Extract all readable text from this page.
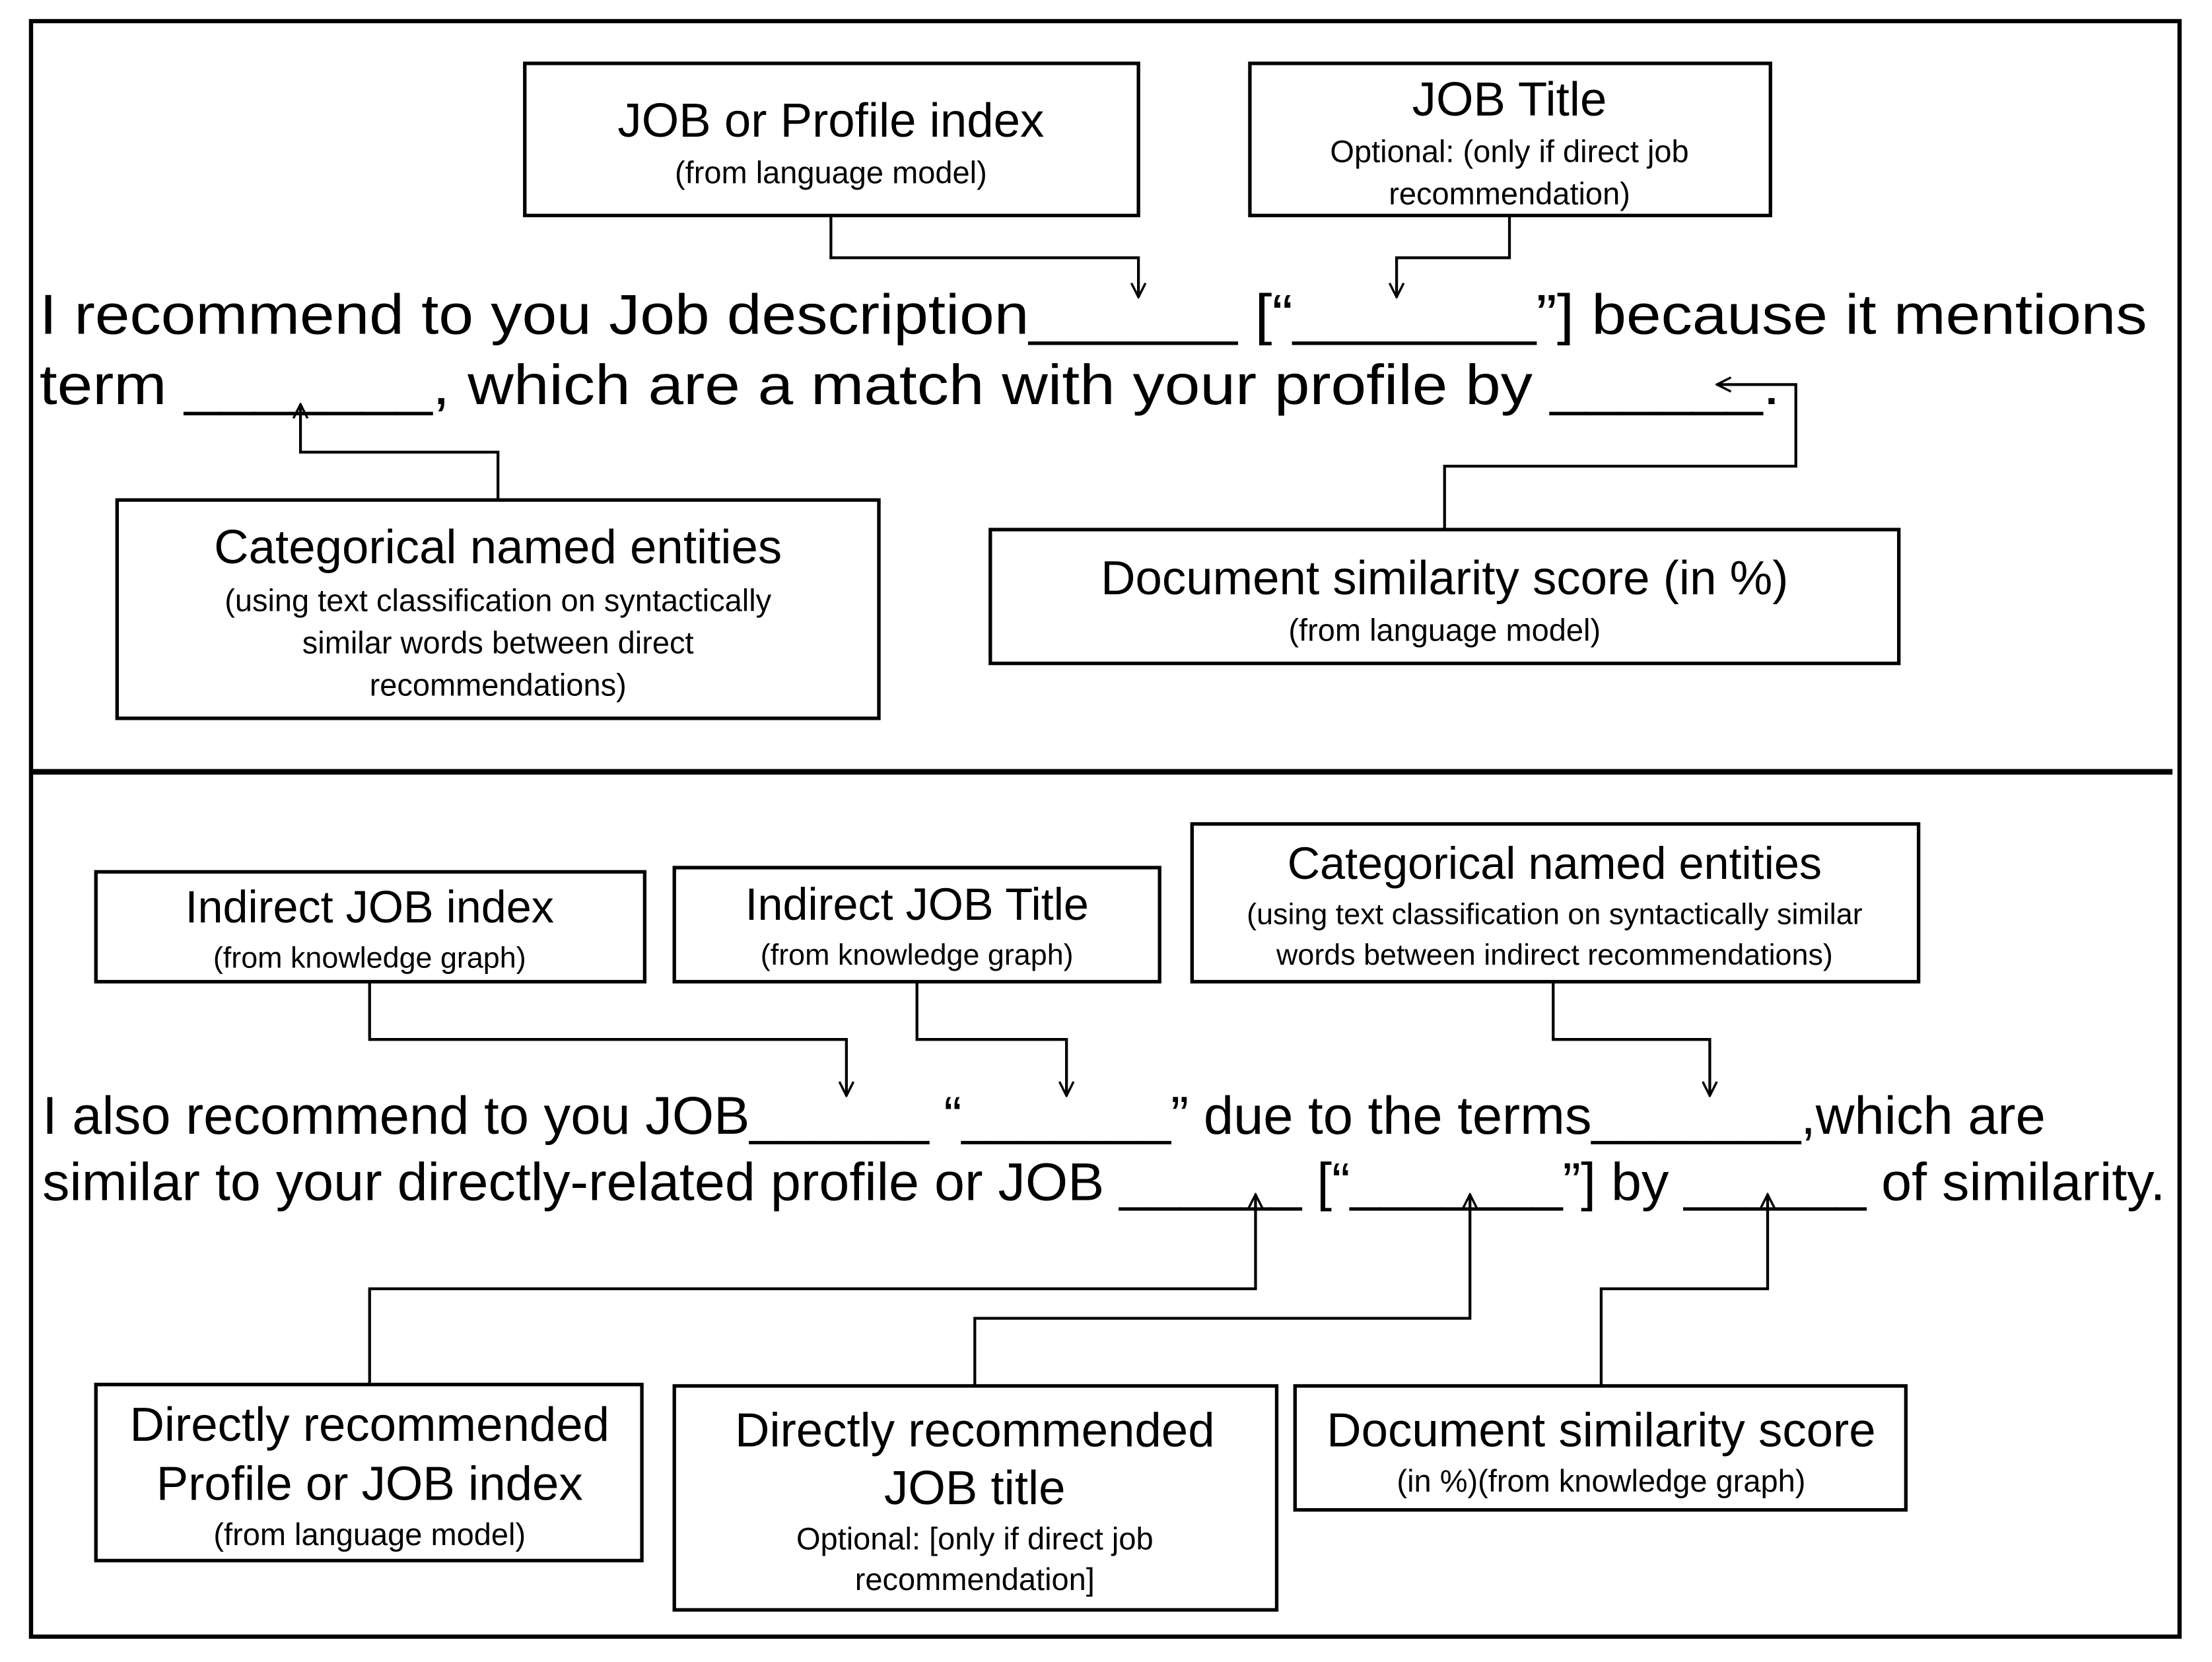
JOB or Profile index
(from language model)
JOB Title
Optional: (only if direct job
recommendation)
I recommend to you Job description______ [“_______”] because it mentions
term _______, which are a match with your profile by ______.
Categorical named entities
(using text classification on syntactically
similar words between direct
recommendations)
Document similarity score (in %)
(from language model)
Indirect JOB index
(from knowledge graph)
Indirect JOB Title
(from knowledge graph)
Categorical named entities
(using text classification on syntactically similar
words between indirect recommendations)
I also recommend to you JOB______ “_______” due to the terms_______,which are
similar to your directly-related profile or JOB ______ [“_______”] by ______ of similarity.
Directly recommended
Profile or JOB index
(from language model)
Directly recommended
JOB title
Optional: [only if direct job
recommendation]
Document similarity score
(in %)(from knowledge graph)
